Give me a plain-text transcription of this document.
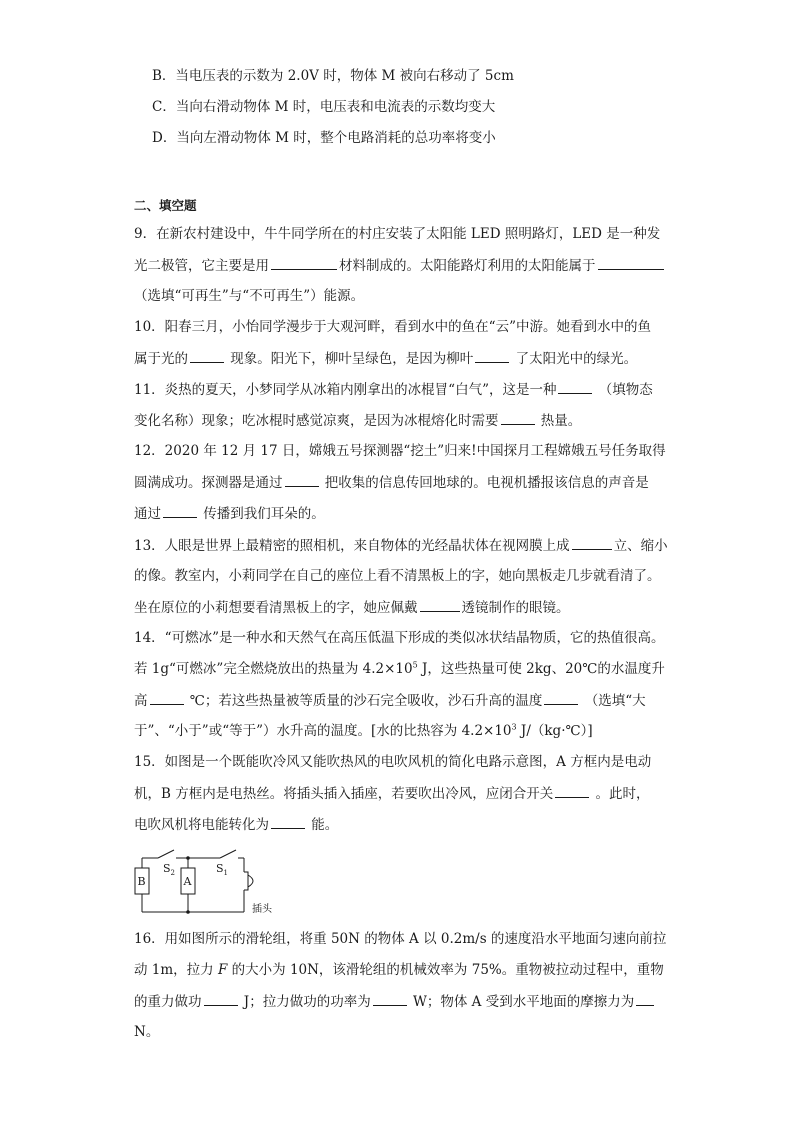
B．当电压表的示数为 2.0V 时，物体 M 被向右移动了 5cm
C．当向右滑动物体 M 时，电压表和电流表的示数均变大
D．当向左滑动物体 M 时，整个电路消耗的总功率将变小
二、填空题
9．在新农村建设中，牛牛同学所在的村庄安装了太阳能 LED 照明路灯，LED 是一种发
光二极管，它主要是用	材料制成的。太阳能路灯利用的太阳能属于
（选填“可再生”与“不可再生”）能源。
10．阳春三月，小怡同学漫步于大观河畔，看到水中的鱼在“云”中游。她看到水中的鱼
属于光的	现象。阳光下，柳叶呈绿色，是因为柳叶	了太阳光中的绿光。
11．炎热的夏天，小梦同学从冰箱内刚拿出的冰棍冒“白气”，这是一种	（填物态
变化名称）现象；吃冰棍时感觉凉爽，是因为冰棍熔化时需要	热量。
12．2020 年 12 月 17 日，嫦娥五号探测器“挖土”归来!中国探月工程嫦娥五号任务取得
圆满成功。探测器是通过	把收集的信息传回地球的。电视机播报该信息的声音是
通过	传播到我们耳朵的。
13．人眼是世界上最精密的照相机，来自物体的光经晶状体在视网膜上成	立、缩小
的像。教室内，小莉同学在自己的座位上看不清黑板上的字，她向黑板走几步就看清了。
坐在原位的小莉想要看清黑板上的字，她应佩戴	透镜制作的眼镜。
14．“可燃冰”是一种水和天然气在高压低温下形成的类似冰状结晶物质，它的热值很高。
若 1g“可燃冰”完全燃烧放出的热量为 $4.2\times 10^5$ J，这些热量可使 2kg、20℃的水温度升
高	℃；若这些热量被等质量的沙石完全吸收，沙石升高的温度	（选填“大
于”、“小于”或“等于”）水升高的温度。[水的比热容为 $4.2\times 10^3$ J/（kg·℃）]
15．如图是一个既能吹冷风又能吹热风的电吹风机的简化电路示意图，A 方框内是电动
机，B 方框内是电热丝。将插头插入插座，若要吹出冷风，应闭合开关	。此时，
电吹风机将电能转化为	能。
B	A
$S_2$	$S_1$
插头
16．用如图所示的滑轮组，将重 50N 的物体 A 以 0.2m/s 的速度沿水平地面匀速向前拉
动 1m，拉力 F 的大小为 10N，该滑轮组的机械效率为 75%。重物被拉动过程中，重物
的重力做功	J；拉力做功的功率为	W；物体 A 受到水平地面的摩擦力为
N。
